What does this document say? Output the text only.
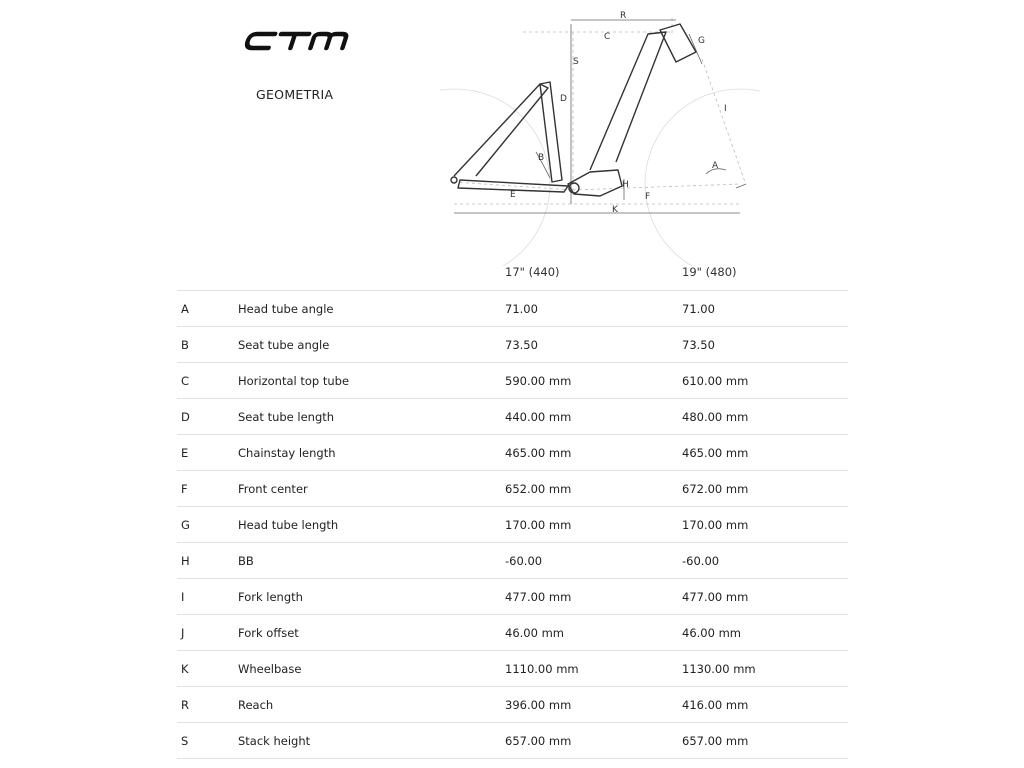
GEOMETRIA
R
C	G
S
D
I
A
B
H
E	F
K
17" (440)	19" (480)
A	Head tube angle	71.00	71.00
B	Seat tube angle	73.50	73.50
C	Horizontal top tube	590.00 mm	610.00 mm
D	Seat tube length	440.00 mm	480.00 mm
E	Chainstay length	465.00 mm	465.00 mm
F	Front center	652.00 mm	672.00 mm
G	Head tube length	170.00 mm	170.00 mm
H	BB	-60.00	-60.00
I	Fork length	477.00 mm	477.00 mm
J	Fork offset	46.00 mm	46.00 mm
K	Wheelbase	1110.00 mm	1130.00 mm
R	Reach	396.00 mm	416.00 mm
S	Stack height	657.00 mm	657.00 mm
